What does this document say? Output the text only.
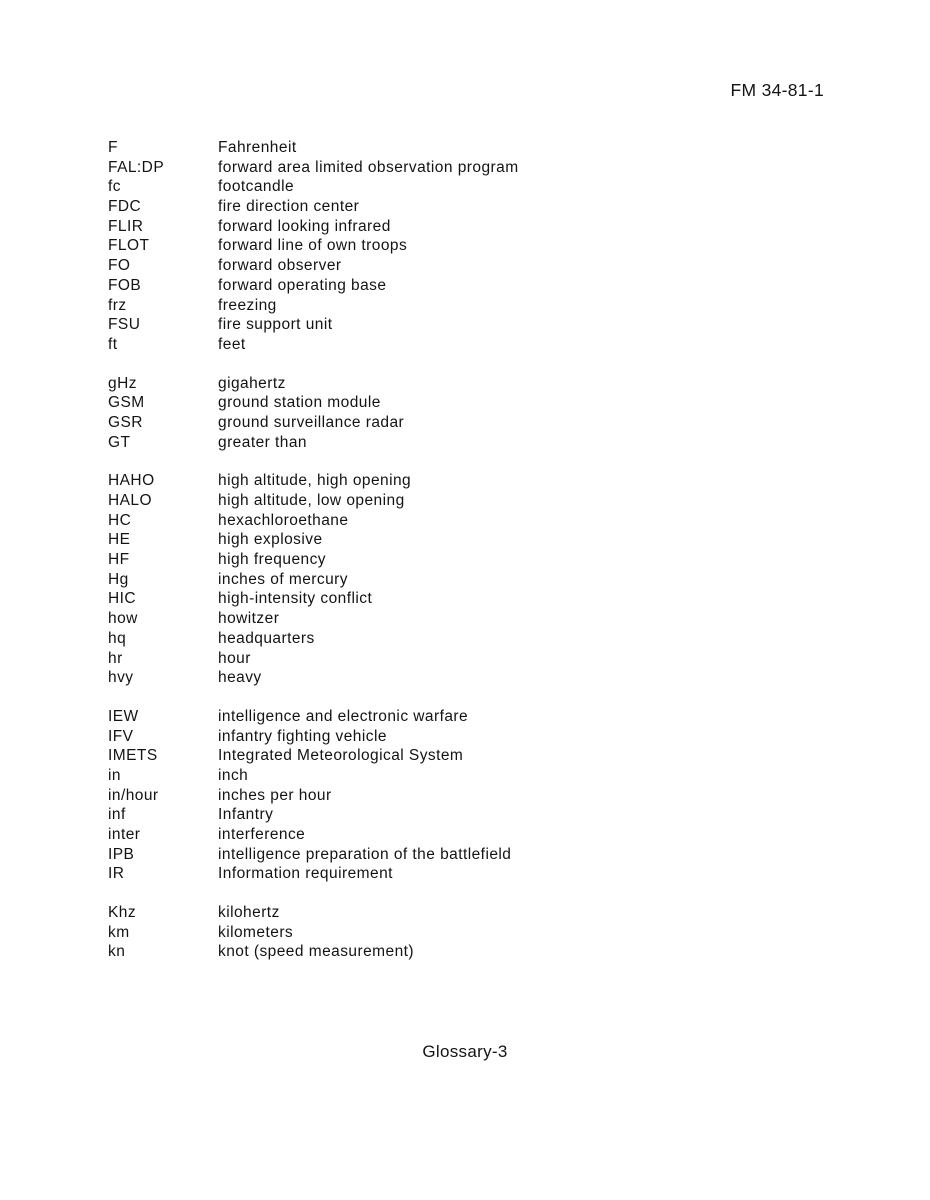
FM 34-81-1
F	Fahrenheit
FAL:DP	forward area limited observation program
fc	footcandle
FDC	fire direction center
FLIR	forward looking infrared
FLOT	forward line of own troops
FO	forward observer
FOB	forward operating base
frz	freezing
FSU	fire support unit
ft	feet
gHz	gigahertz
GSM	ground station module
GSR	ground surveillance radar
GT	greater than
HAHO	high altitude, high opening
HALO	high altitude, low opening
HC	hexachloroethane
HE	high explosive
HF	high frequency
Hg	inches of mercury
HIC	high-intensity conflict
how	howitzer
hq	headquarters
hr	hour
hvy	heavy
IEW	intelligence and electronic warfare
IFV	infantry fighting vehicle
IMETS	Integrated Meteorological System
in	inch
in/hour	inches per hour
inf	Infantry
inter	interference
IPB	intelligence preparation of the battlefield
IR	Information requirement
Khz	kilohertz
km	kilometers
kn	knot (speed measurement)
Glossary-3
